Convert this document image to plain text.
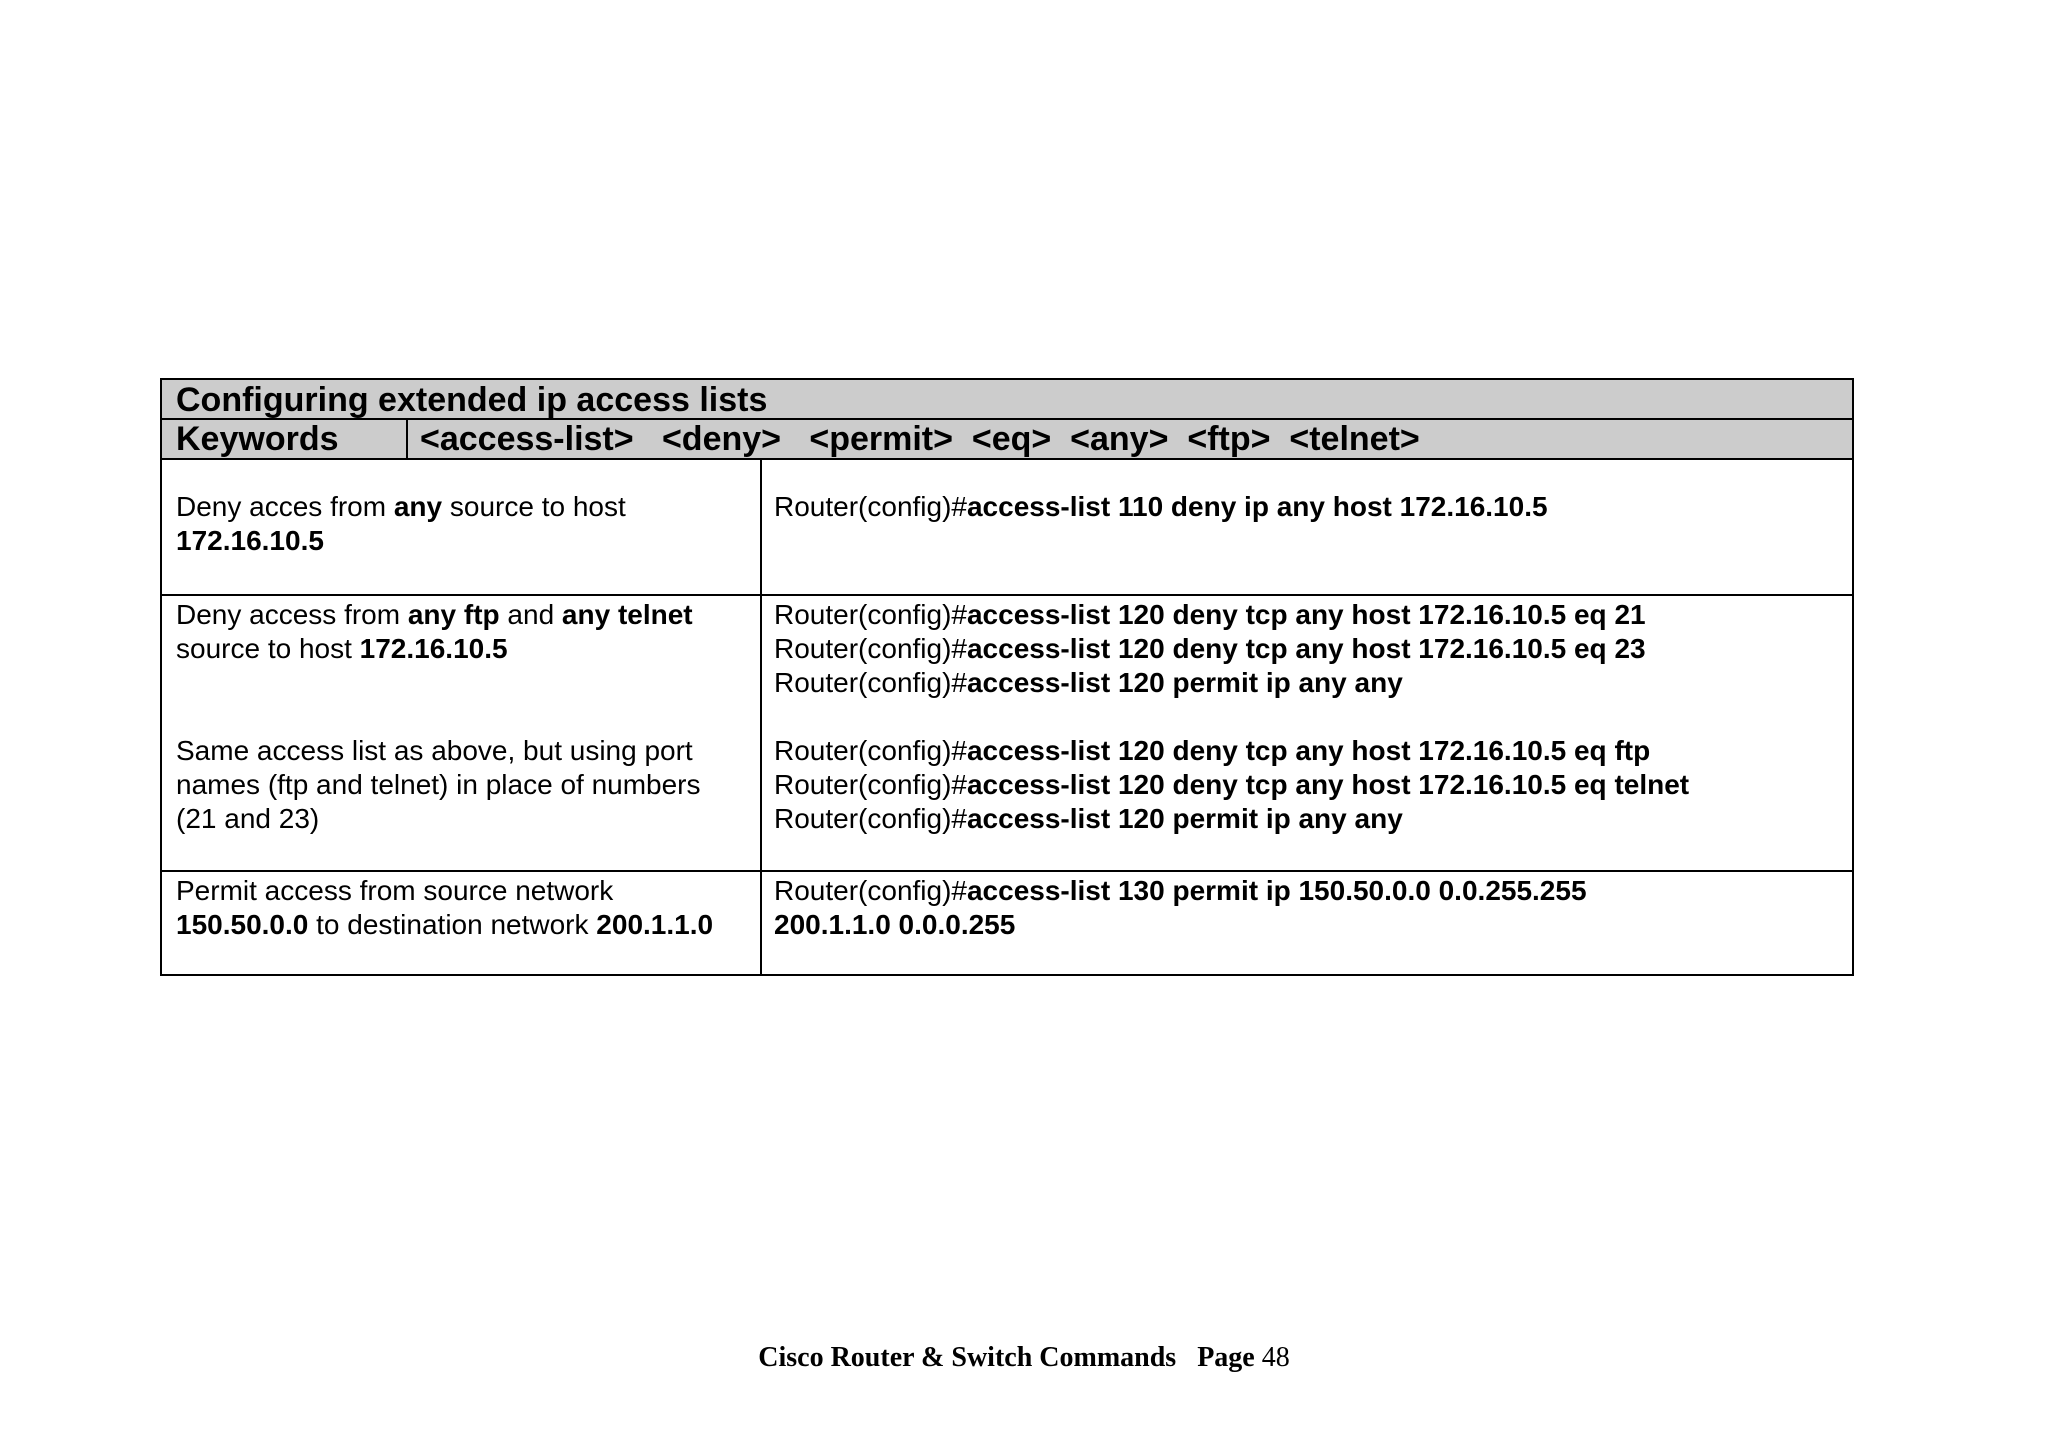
Configuring extended ip access lists
Keywords	<access-list>   <deny>   <permit>  <eq>  <any>  <ftp>  <telnet>
Deny acces from any source to host
172.16.10.5
Router(config)#access-list 110 deny ip any host 172.16.10.5
Deny access from any ftp and any telnet
source to host 172.16.10.5
Same access list as above, but using port
names (ftp and telnet) in place of numbers
(21 and 23)
Router(config)#access-list 120 deny tcp any host 172.16.10.5 eq 21
Router(config)#access-list 120 deny tcp any host 172.16.10.5 eq 23
Router(config)#access-list 120 permit ip any any
Router(config)#access-list 120 deny tcp any host 172.16.10.5 eq ftp
Router(config)#access-list 120 deny tcp any host 172.16.10.5 eq telnet
Router(config)#access-list 120 permit ip any any
Permit access from source network
150.50.0.0 to destination network 200.1.1.0
Router(config)#access-list 130 permit ip 150.50.0.0 0.0.255.255
200.1.1.0 0.0.0.255
Cisco Router & Switch Commands Page 48
